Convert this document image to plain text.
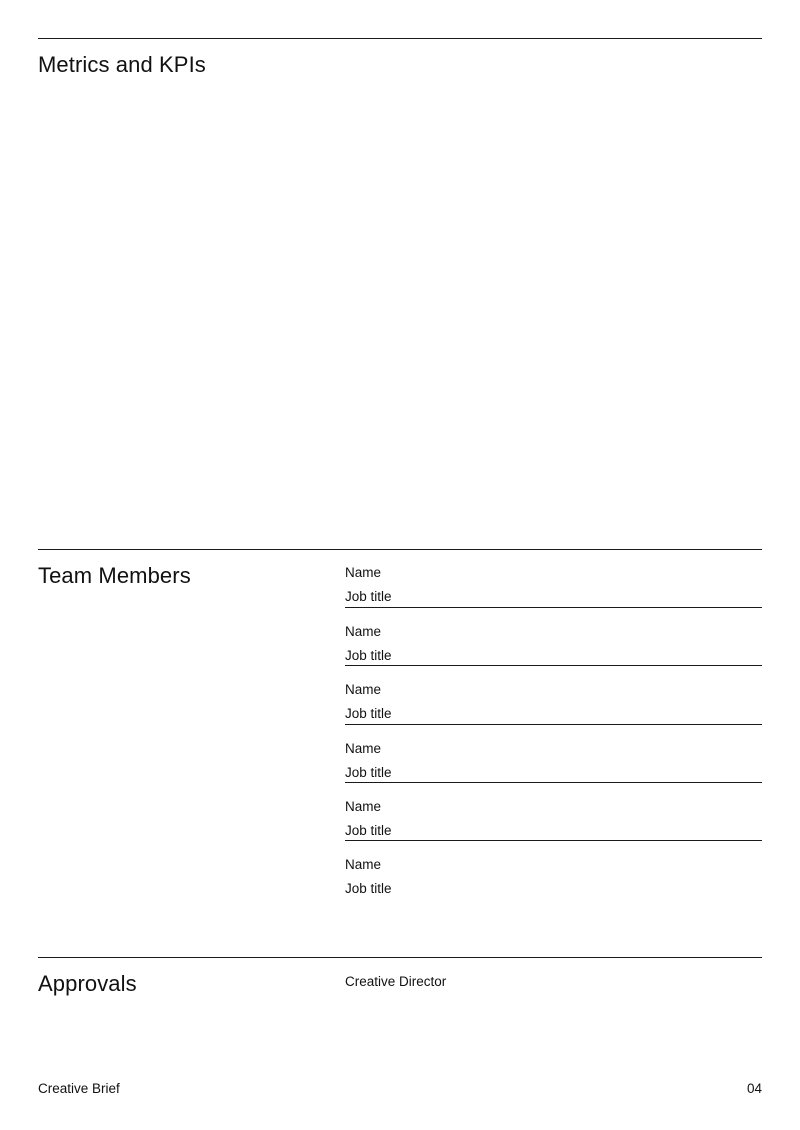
Metrics and KPIs
Team Members	Name
Job title
Name
Job title
Name
Job title
Name
Job title
Name
Job title
Name
Job title
Approvals	Creative Director
Creative Brief	04
